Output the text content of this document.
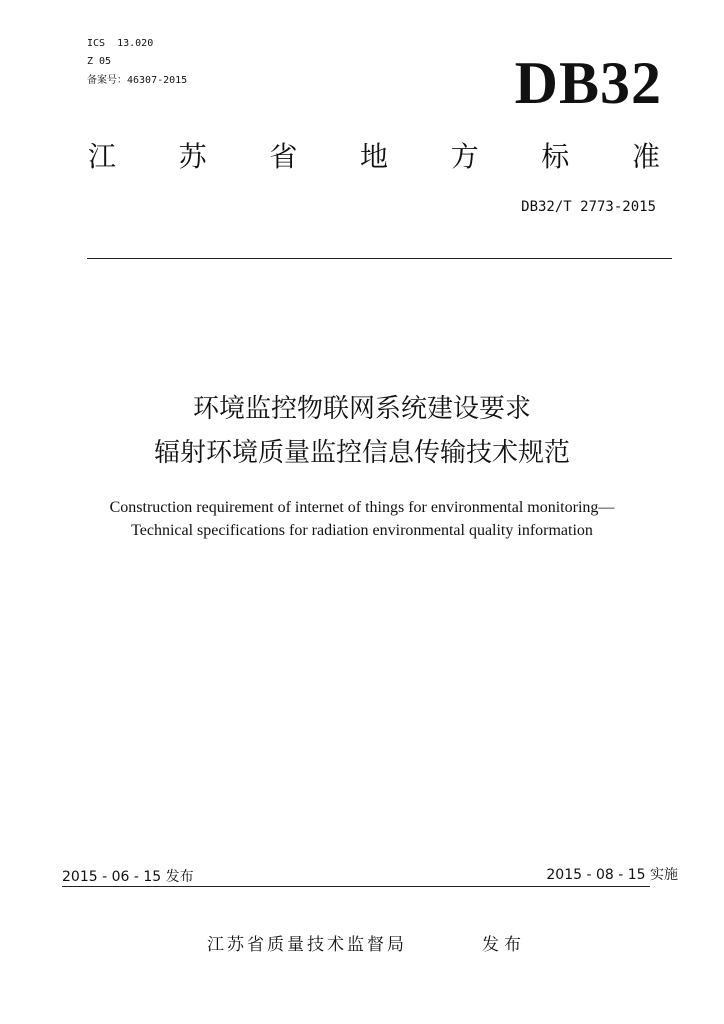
ICS  13.020
Z 05
备案号：46307-2015	DB32
江 苏 省 地 方 标 准
DB32/T 2773-2015
环境监控物联网系统建设要求
辐射环境质量监控信息传输技术规范
Construction requirement of internet of things for environmental monitoring—
Technical specifications for radiation environmental quality information
2015 - 06 - 15 发布	2015 - 08 - 15 实施
江苏省质量技术监督局	发布
